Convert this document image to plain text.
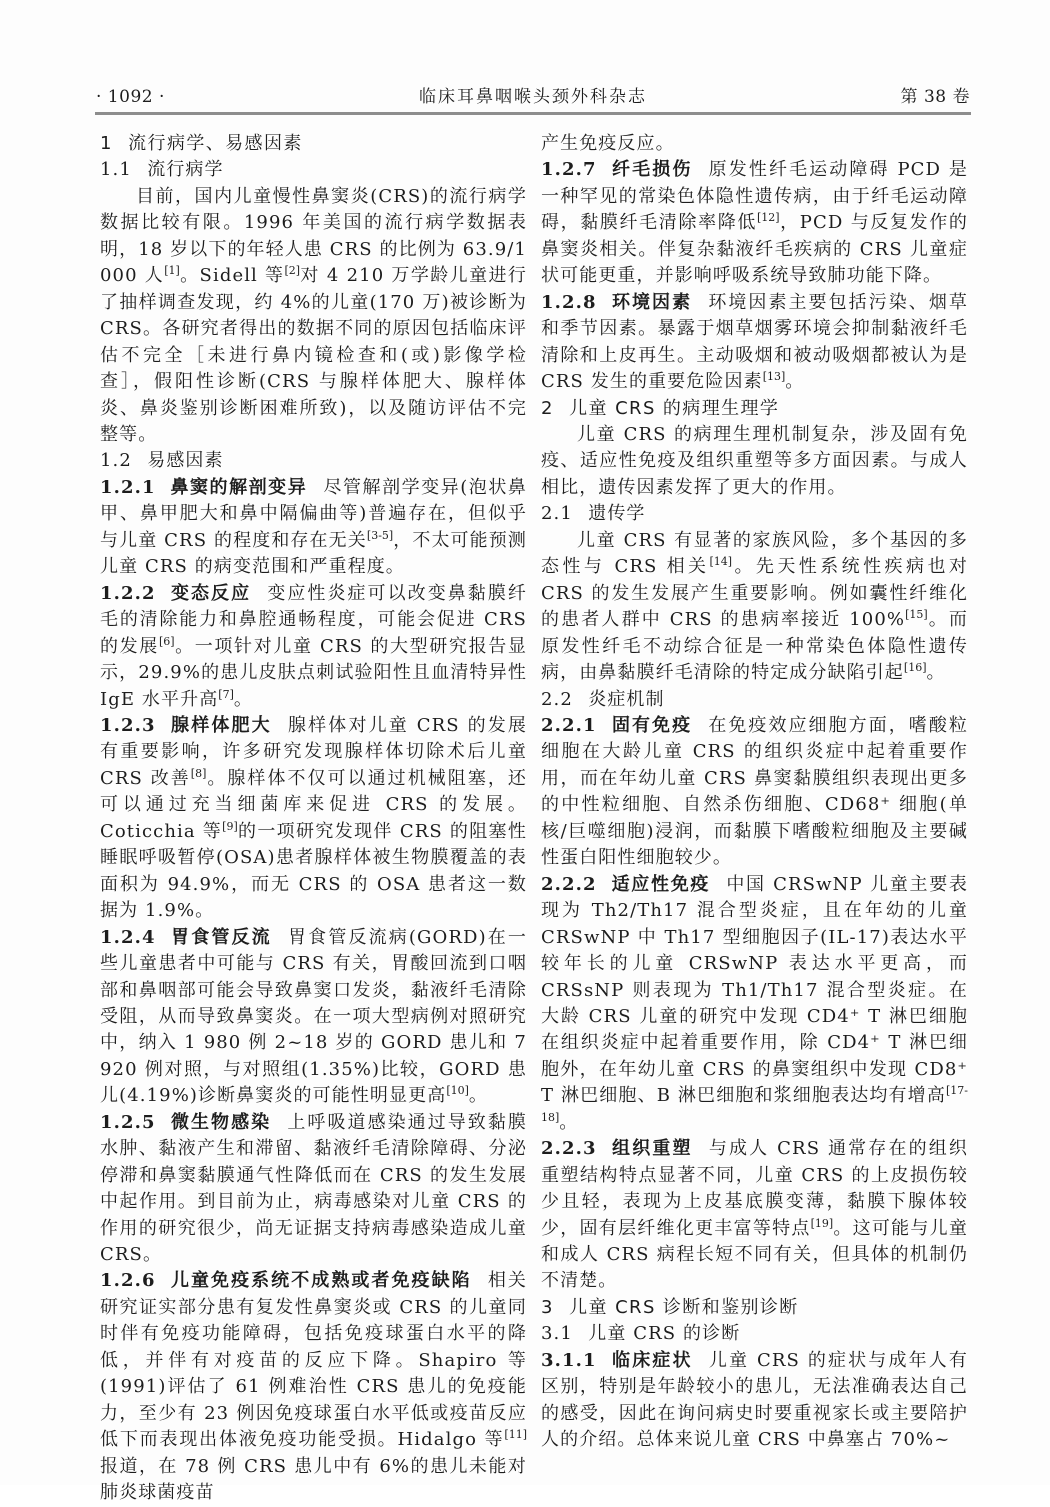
· 1092 ·	临床耳鼻咽喉头颈外科杂志	第 38 卷
1 流行病学、易感因素
1.1 流行病学

目前，国内儿童慢性鼻窦炎(CRS)的流行病学数据比较有限。1996 年美国的流行病学数据表明，18 岁以下的年轻人患 CRS 的比例为 63.9/1 000 人[1]。Sidell 等[2]对 4 210 万学龄儿童进行了抽样调查发现，约 4%的儿童(170 万)被诊断为 CRS。各研究者得出的数据不同的原因包括临床评估不完全［未进行鼻内镜检查和(或)影像学检查］，假阳性诊断(CRS 与腺样体肥大、腺样体炎、鼻炎鉴别诊断困难所致)，以及随访评估不完整等。

1.2 易感因素

1.2.1 鼻窦的解剖变异 尽管解剖学变异(泡状鼻甲、鼻甲肥大和鼻中隔偏曲等)普遍存在，但似乎与儿童 CRS 的程度和存在无关[3-5]，不太可能预测儿童 CRS 的病变范围和严重程度。

1.2.2 变态反应 变应性炎症可以改变鼻黏膜纤毛的清除能力和鼻腔通畅程度，可能会促进 CRS 的发展[6]。一项针对儿童 CRS 的大型研究报告显示，29.9%的患儿皮肤点刺试验阳性且血清特异性 IgE 水平升高[7]。

1.2.3 腺样体肥大 腺样体对儿童 CRS 的发展有重要影响，许多研究发现腺样体切除术后儿童 CRS 改善[8]。腺样体不仅可以通过机械阻塞，还可以通过充当细菌库来促进 CRS 的发展。Coticchia 等[9]的一项研究发现伴 CRS 的阻塞性睡眠呼吸暂停(OSA)患者腺样体被生物膜覆盖的表面积为 94.9%，而无 CRS 的 OSA 患者这一数据为 1.9%。

1.2.4 胃食管反流 胃食管反流病(GORD)在一些儿童患者中可能与 CRS 有关，胃酸回流到口咽部和鼻咽部可能会导致鼻窦口发炎，黏液纤毛清除受阻，从而导致鼻窦炎。在一项大型病例对照研究中，纳入 1 980 例 2~18 岁的 GORD 患儿和 7 920 例对照，与对照组(1.35%)比较，GORD 患儿(4.19%)诊断鼻窦炎的可能性明显更高[10]。

1.2.5 微生物感染 上呼吸道感染通过导致黏膜水肿、黏液产生和滞留、黏液纤毛清除障碍、分泌停滞和鼻窦黏膜通气性降低而在 CRS 的发生发展中起作用。到目前为止，病毒感染对儿童 CRS 的作用的研究很少，尚无证据支持病毒感染造成儿童 CRS。

1.2.6 儿童免疫系统不成熟或者免疫缺陷 相关研究证实部分患有复发性鼻窦炎或 CRS 的儿童同时伴有免疫功能障碍，包括免疫球蛋白水平的降低，并伴有对疫苗的反应下降。Shapiro 等(1991)评估了 61 例难治性 CRS 患儿的免疫能力，至少有 23 例因免疫球蛋白水平低或疫苗反应低下而表现出体液免疫功能受损。Hidalgo 等[11]报道，在 78 例 CRS 患儿中有 6%的患儿未能对肺炎球菌疫苗

产生免疫反应。

1.2.7 纤毛损伤 原发性纤毛运动障碍 PCD 是一种罕见的常染色体隐性遗传病，由于纤毛运动障碍，黏膜纤毛清除率降低[12]，PCD 与反复发作的鼻窦炎相关。伴复杂黏液纤毛疾病的 CRS 儿童症状可能更重，并影响呼吸系统导致肺功能下降。

1.2.8 环境因素 环境因素主要包括污染、烟草和季节因素。暴露于烟草烟雾环境会抑制黏液纤毛清除和上皮再生。主动吸烟和被动吸烟都被认为是 CRS 发生的重要危险因素[13]。

2 儿童 CRS 的病理生理学

儿童 CRS 的病理生理机制复杂，涉及固有免疫、适应性免疫及组织重塑等多方面因素。与成人相比，遗传因素发挥了更大的作用。

2.1 遗传学

儿童 CRS 有显著的家族风险，多个基因的多态性与 CRS 相关[14]。先天性系统性疾病也对 CRS 的发生发展产生重要影响。例如囊性纤维化的患者人群中 CRS 的患病率接近 100%[15]。而原发性纤毛不动综合征是一种常染色体隐性遗传病，由鼻黏膜纤毛清除的特定成分缺陷引起[16]。

2.2 炎症机制

2.2.1 固有免疫 在免疫效应细胞方面，嗜酸粒细胞在大龄儿童 CRS 的组织炎症中起着重要作用，而在年幼儿童 CRS 鼻窦黏膜组织表现出更多的中性粒细胞、自然杀伤细胞、CD68⁺ 细胞(单核/巨噬细胞)浸润，而黏膜下嗜酸粒细胞及主要碱性蛋白阳性细胞较少。

2.2.2 适应性免疫 中国 CRSwNP 儿童主要表现为 Th2/Th17 混合型炎症，且在年幼的儿童 CRSwNP 中 Th17 型细胞因子(IL-17)表达水平较年长的儿童 CRSwNP 表达水平更高，而 CRSsNP 则表现为 Th1/Th17 混合型炎症。在大龄 CRS 儿童的研究中发现 CD4⁺ T 淋巴细胞在组织炎症中起着重要作用，除 CD4⁺ T 淋巴细胞外，在年幼儿童 CRS 的鼻窦组织中发现 CD8⁺ T 淋巴细胞、B 淋巴细胞和浆细胞表达均有增高[17-18]。

2.2.3 组织重塑 与成人 CRS 通常存在的组织重塑结构特点显著不同，儿童 CRS 的上皮损伤较少且轻，表现为上皮基底膜变薄，黏膜下腺体较少，固有层纤维化更丰富等特点[19]。这可能与儿童和成人 CRS 病程长短不同有关，但具体的机制仍不清楚。

3 儿童 CRS 诊断和鉴别诊断
3.1 儿童 CRS 的诊断

3.1.1 临床症状 儿童 CRS 的症状与成年人有区别，特别是年龄较小的患儿，无法准确表达自己的感受，因此在询问病史时要重视家长或主要陪护人的介绍。总体来说儿童 CRS 中鼻塞占 70%~
